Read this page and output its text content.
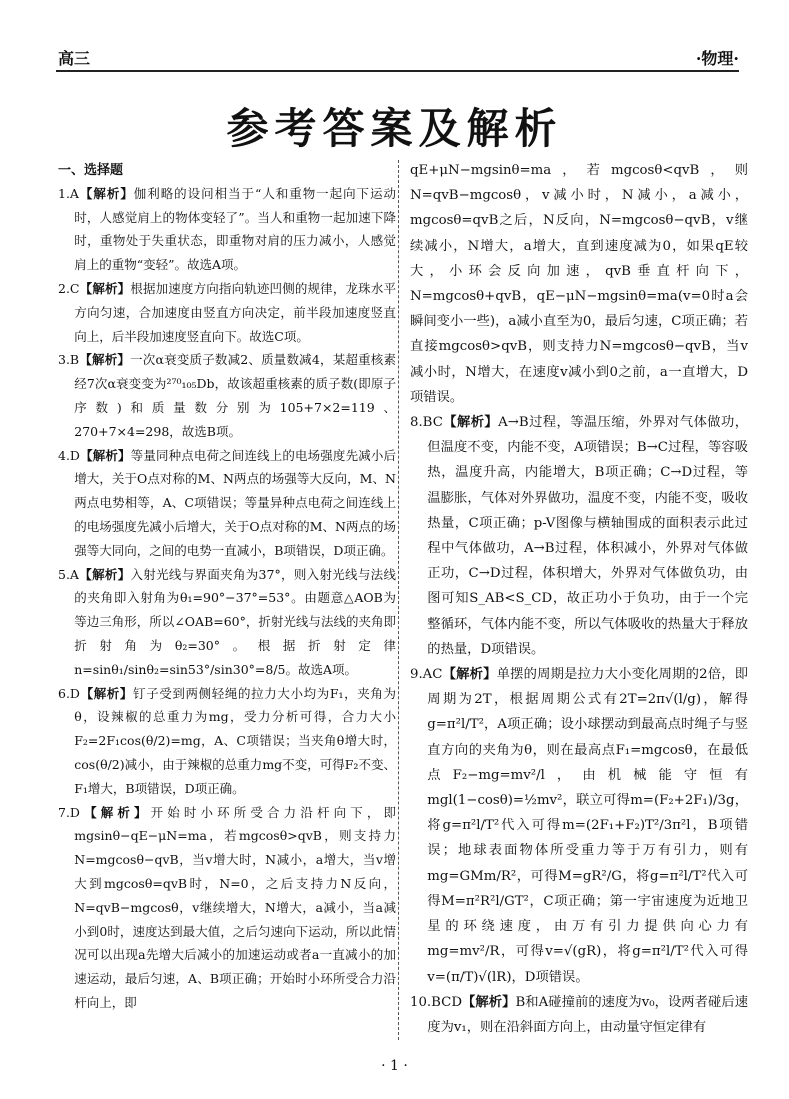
高三	·物理·
参考答案及解析

一、选择题

1.A【解析】伽利略的设问相当于“人和重物一起向下运动时，人感觉肩上的物体变轻了”。当人和重物一起加速下降时，重物处于失重状态，即重物对肩的压力减小，人感觉肩上的重物“变轻”。故选A项。

2.C【解析】根据加速度方向指向轨迹凹侧的规律，龙珠水平方向匀速，合加速度由竖直方向决定，前半段加速度竖直向上，后半段加速度竖直向下。故选C项。

3.B【解析】一次α衰变质子数减2、质量数减4，某超重核素经7次α衰变变为²⁷⁰₁₀₅Db，故该超重核素的质子数(即原子序数)和质量数分别为105+7×2=119、270+7×4=298，故选B项。

4.D【解析】等量同种点电荷之间连线上的电场强度先减小后增大，关于O点对称的M、N两点的场强等大反向，M、N两点电势相等，A、C项错误；等量异种点电荷之间连线上的电场强度先减小后增大，关于O点对称的M、N两点的场强等大同向，之间的电势一直减小，B项错误，D项正确。

5.A【解析】入射光线与界面夹角为37°，则入射光线与法线的夹角即入射角为θ₁=90°−37°=53°。由题意△AOB为等边三角形，所以∠OAB=60°，折射光线与法线的夹角即折射角为θ₂=30°。根据折射定律n=sinθ₁/sinθ₂=sin53°/sin30°=8/5。故选A项。

6.D【解析】钉子受到两侧轻绳的拉力大小均为F₁，夹角为θ，设辣椒的总重力为mg，受力分析可得，合力大小F₂=2F₁cos(θ/2)=mg，A、C项错误；当夹角θ增大时，cos(θ/2)减小，由于辣椒的总重力mg不变，可得F₂不变、F₁增大，B项错误，D项正确。

7.D【解析】开始时小环所受合力沿杆向下，即mgsinθ−qE−μN=ma，若mgcosθ>qvB，则支持力N=mgcosθ−qvB，当v增大时，N减小，a增大，当v增大到mgcosθ=qvB时，N=0，之后支持力N反向，N=qvB−mgcosθ，v继续增大，N增大，a减小，当a减小到0时，速度达到最大值，之后匀速向下运动，所以此情况可以出现a先增大后减小的加速运动或者a一直减小的加速运动，最后匀速，A、B项正确；开始时小环所受合力沿杆向上，即

qE+μN−mgsinθ=ma，若mgcosθ<qvB，则N=qvB−mgcosθ，v减小时，N减小，a减小，mgcosθ=qvB之后，N反向，N=mgcosθ−qvB，v继续减小，N增大，a增大，直到速度减为0，如果qE较大，小环会反向加速，qvB垂直杆向下，N=mgcosθ+qvB，qE−μN−mgsinθ=ma(v=0时a会瞬间变小一些)，a减小直至为0，最后匀速，C项正确；若直接mgcosθ>qvB，则支持力N=mgcosθ−qvB，当v减小时，N增大，在速度v减小到0之前，a一直增大，D项错误。

8.BC【解析】A→B过程，等温压缩，外界对气体做功，但温度不变，内能不变，A项错误；B→C过程，等容吸热，温度升高，内能增大，B项正确；C→D过程，等温膨胀，气体对外界做功，温度不变，内能不变，吸收热量，C项正确；p-V图像与横轴围成的面积表示此过程中气体做功，A→B过程，体积减小，外界对气体做正功，C→D过程，体积增大，外界对气体做负功，由图可知S_AB<S_CD，故正功小于负功，由于一个完整循环，气体内能不变，所以气体吸收的热量大于释放的热量，D项错误。

9.AC【解析】单摆的周期是拉力大小变化周期的2倍，即周期为2T，根据周期公式有2T=2π√(l/g)，解得g=π²l/T²，A项正确；设小球摆动到最高点时绳子与竖直方向的夹角为θ，则在最高点F₁=mgcosθ，在最低点F₂−mg=mv²/l，由机械能守恒有mgl(1−cosθ)=½mv²，联立可得m=(F₂+2F₁)/3g，将g=π²l/T²代入可得m=(2F₁+F₂)T²/3π²l，B项错误；地球表面物体所受重力等于万有引力，则有mg=GMm/R²，可得M=gR²/G，将g=π²l/T²代入可得M=π²R²l/GT²，C项正确；第一宇宙速度为近地卫星的环绕速度，由万有引力提供向心力有mg=mv²/R，可得v=√(gR)，将g=π²l/T²代入可得v=(π/T)√(lR)，D项错误。

10.BCD【解析】B和A碰撞前的速度为v₀，设两者碰后速度为v₁，则在沿斜面方向上，由动量守恒定律有

· 1 ·
